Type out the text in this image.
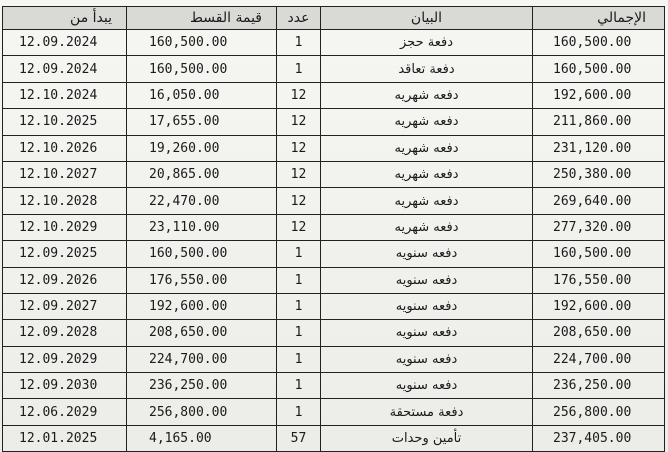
يبدأ من	قيمة القسط	عدد	البيان	الإجمالي
12.09.2024	160,500.00	1	دفعة حجز	160,500.00
12.09.2024	160,500.00	1	دفعة تعاقد	160,500.00
12.10.2024	16,050.00	12	دفعه شهريه	192,600.00
12.10.2025	17,655.00	12	دفعه شهريه	211,860.00
12.10.2026	19,260.00	12	دفعه شهريه	231,120.00
12.10.2027	20,865.00	12	دفعه شهريه	250,380.00
12.10.2028	22,470.00	12	دفعه شهريه	269,640.00
12.10.2029	23,110.00	12	دفعه شهريه	277,320.00
12.09.2025	160,500.00	1	دفعه سنويه	160,500.00
12.09.2026	176,550.00	1	دفعه سنويه	176,550.00
12.09.2027	192,600.00	1	دفعه سنويه	192,600.00
12.09.2028	208,650.00	1	دفعه سنويه	208,650.00
12.09.2029	224,700.00	1	دفعه سنويه	224,700.00
12.09.2030	236,250.00	1	دفعه سنويه	236,250.00
12.06.2029	256,800.00	1	دفعة مستحقة	256,800.00
12.01.2025	4,165.00	57	تأمين وحدات	237,405.00
